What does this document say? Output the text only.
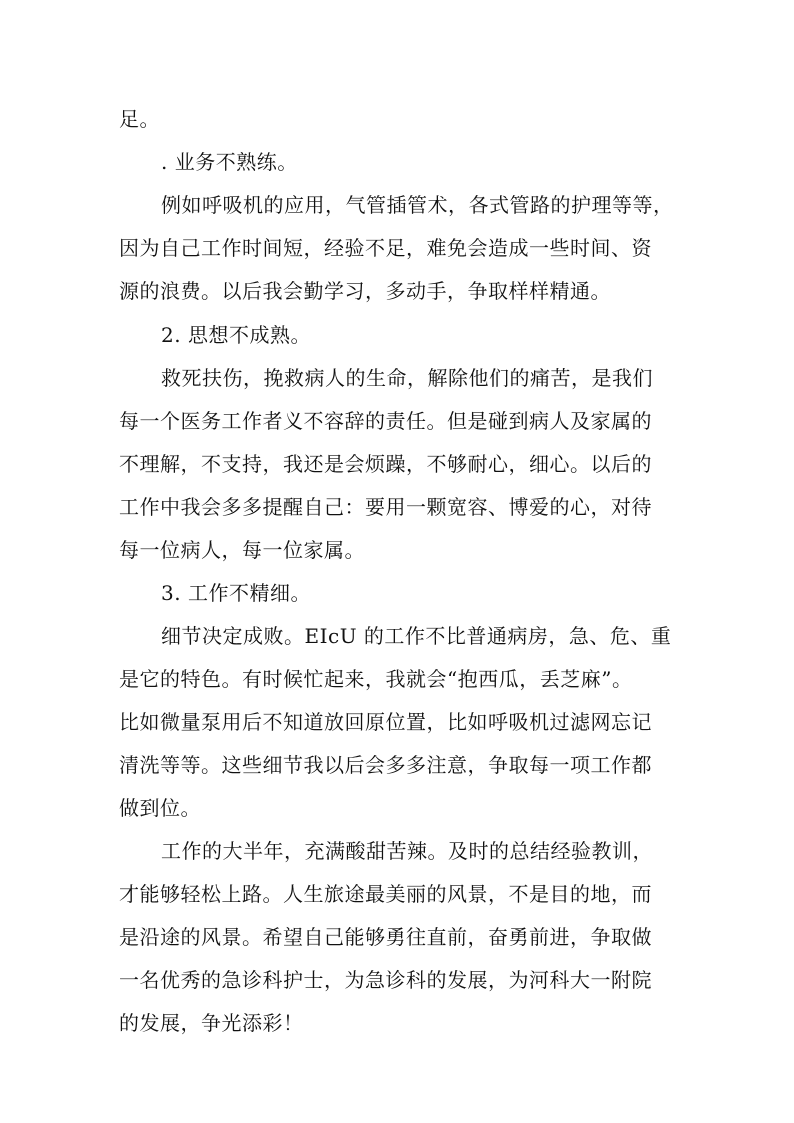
足。
. 业务不熟练。
例如呼吸机的应用，气管插管术，各式管路的护理等等，
因为自己工作时间短，经验不足，难免会造成一些时间、资
源的浪费。以后我会勤学习，多动手，争取样样精通。
2. 思想不成熟。
救死扶伤，挽救病人的生命，解除他们的痛苦，是我们
每一个医务工作者义不容辞的责任。但是碰到病人及家属的
不理解，不支持，我还是会烦躁，不够耐心，细心。以后的
工作中我会多多提醒自己：要用一颗宽容、博爱的心，对待
每一位病人，每一位家属。
3. 工作不精细。
细节决定成败。EIcU 的工作不比普通病房，急、危、重
是它的特色。有时候忙起来，我就会“抱西瓜，丢芝麻”。
比如微量泵用后不知道放回原位置，比如呼吸机过滤网忘记
清洗等等。这些细节我以后会多多注意，争取每一项工作都
做到位。
工作的大半年，充满酸甜苦辣。及时的总结经验教训，
才能够轻松上路。人生旅途最美丽的风景，不是目的地，而
是沿途的风景。希望自己能够勇往直前，奋勇前进，争取做
一名优秀的急诊科护士，为急诊科的发展，为河科大一附院
的发展，争光添彩！
